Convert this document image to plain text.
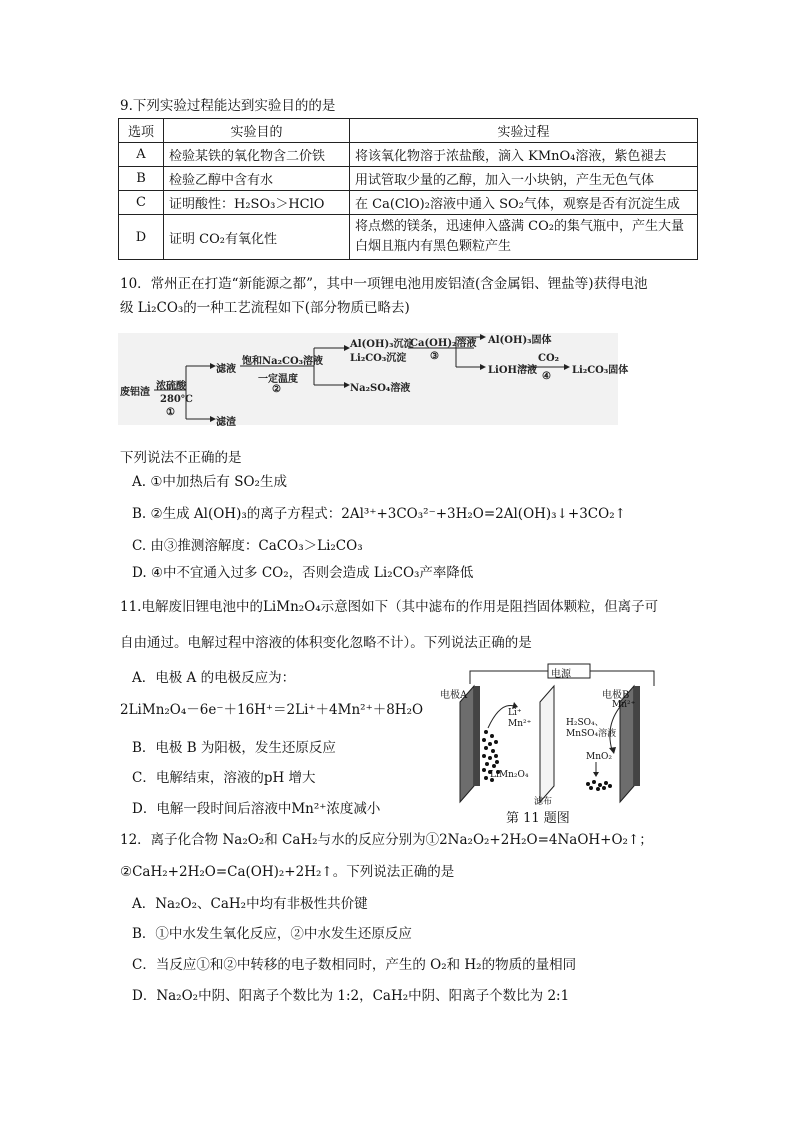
9.下列实验过程能达到实验目的的是
选项	实验目的	实验过程
A	检验某铁的氧化物含二价铁	将该氧化物溶于浓盐酸，滴入 KMnO₄溶液，紫色褪去
B	检验乙醇中含有水	用试管取少量的乙醇，加入一小块钠，产生无色气体
C	证明酸性：H₂SO₃＞HClO	在 Ca(ClO)₂溶液中通入 SO₂气体，观察是否有沉淀生成
D	证明 CO₂有氧化性	将点燃的镁条，迅速伸入盛满 CO₂的集气瓶中，产生大量白烟且瓶内有黑色颗粒产生
10．常州正在打造“新能源之都”，其中一项锂电池用废铝渣(含金属铝、锂盐等)获得电池
级 Li₂CO₃的一种工艺流程如下(部分物质已略去)
废铝渣
浓硫酸
280℃
①
滤液
滤渣
饱和Na₂CO₃溶液
一定温度
②
Al(OH)₃沉淀
Li₂CO₃沉淀
Na₂SO₄溶液
Ca(OH)₂溶液
③
Al(OH)₃固体
LiOH溶液
CO₂
④
Li₂CO₃固体
下列说法不正确的是
A. ①中加热后有 SO₂生成
B. ②生成 Al(OH)₃的离子方程式：2Al³⁺+3CO₃²⁻+3H₂O=2Al(OH)₃↓+3CO₂↑
C. 由③推测溶解度：CaCO₃＞Li₂CO₃
D. ④中不宜通入过多 CO₂，否则会造成 Li₂CO₃产率降低
11.电解废旧锂电池中的LiMn₂O₄示意图如下（其中滤布的作用是阻挡固体颗粒，但离子可
自由通过。电解过程中溶液的体积变化忽略不计）。下列说法正确的是
A．电极 A 的电极反应为：
2LiMn₂O₄－6e⁻＋16H⁺＝2Li⁺＋4Mn²⁺＋8H₂O
B．电极 B 为阳极，发生还原反应
C．电解结束，溶液的pH 增大
D．电解一段时间后溶液中Mn²⁺浓度减小
电源
电极A	电极B
Li⁺ Mn²⁺
Mn²⁺
H₂SO₄、MnSO₄溶液
MnO₂
LiMn₂O₄
滤布
第 11 题图
12．离子化合物 Na₂O₂和 CaH₂与水的反应分别为①2Na₂O₂+2H₂O=4NaOH+O₂↑；
②CaH₂+2H₂O=Ca(OH)₂+2H₂↑。下列说法正确的是
A．Na₂O₂、CaH₂中均有非极性共价键
B．①中水发生氧化反应，②中水发生还原反应
C．当反应①和②中转移的电子数相同时，产生的 O₂和 H₂的物质的量相同
D．Na₂O₂中阴、阳离子个数比为 1:2，CaH₂中阴、阳离子个数比为 2:1
